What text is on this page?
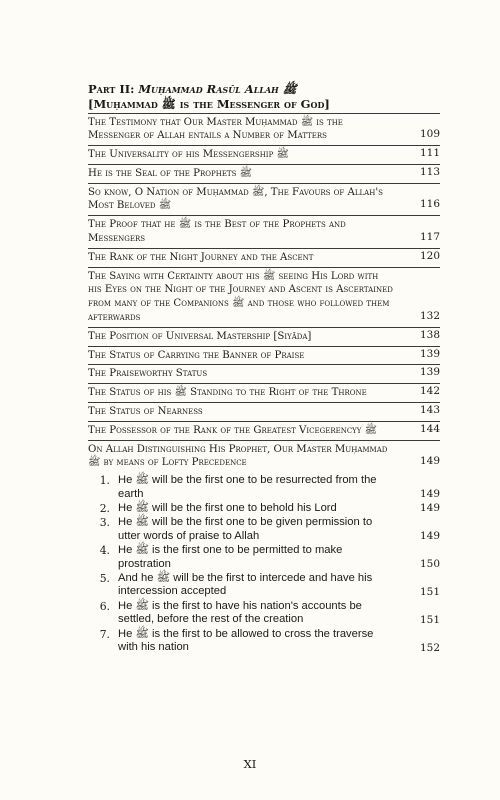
Part II: Muḥammad Rasūl Allah ﷺ
[Muḥammad ﷺ is the Messenger of God]
The Testimony that Our Master Muḥammad ﷺ is the Messenger of Allah entails a Number of Matters	109
The Universality of his Messengership ﷺ	111
He is the Seal of the Prophets ﷺ	113
So know, O Nation of Muḥammad ﷺ, The Favours of Allah's Most Beloved ﷺ	116
The Proof that he ﷺ is the Best of the Prophets and Messengers	117
The Rank of the Night Journey and the Ascent	120
The Saying with Certainty about his ﷺ seeing His Lord with his Eyes on the Night of the Journey and Ascent is Ascertained from many of the Companions ﷺ and those who followed them afterwards	132
The Position of Universal Mastership [Siyāda]	138
The Status of Carrying the Banner of Praise	139
The Praiseworthy Status	139
The Status of his ﷺ Standing to the Right of the Throne	142
The Status of Nearness	143
The Possessor of the Rank of the Greatest Vicegerencyy ﷺ	144
On Allah Distinguishing His Prophet, Our Master Muḥammad ﷺ by means of Lofty Precedence	149
1. He ﷺ will be the first one to be resurrected from the earth	149
2. He ﷺ will be the first one to behold his Lord	149
3. He ﷺ will be the first one to be given permission to utter words of praise to Allah	149
4. He ﷺ is the first one to be permitted to make prostration	150
5. And he ﷺ will be the first to intercede and have his intercession accepted	151
6. He ﷺ is the first to have his nation's accounts be settled, before the rest of the creation	151
7. He ﷺ is the first to be allowed to cross the traverse with his nation	152
XI
